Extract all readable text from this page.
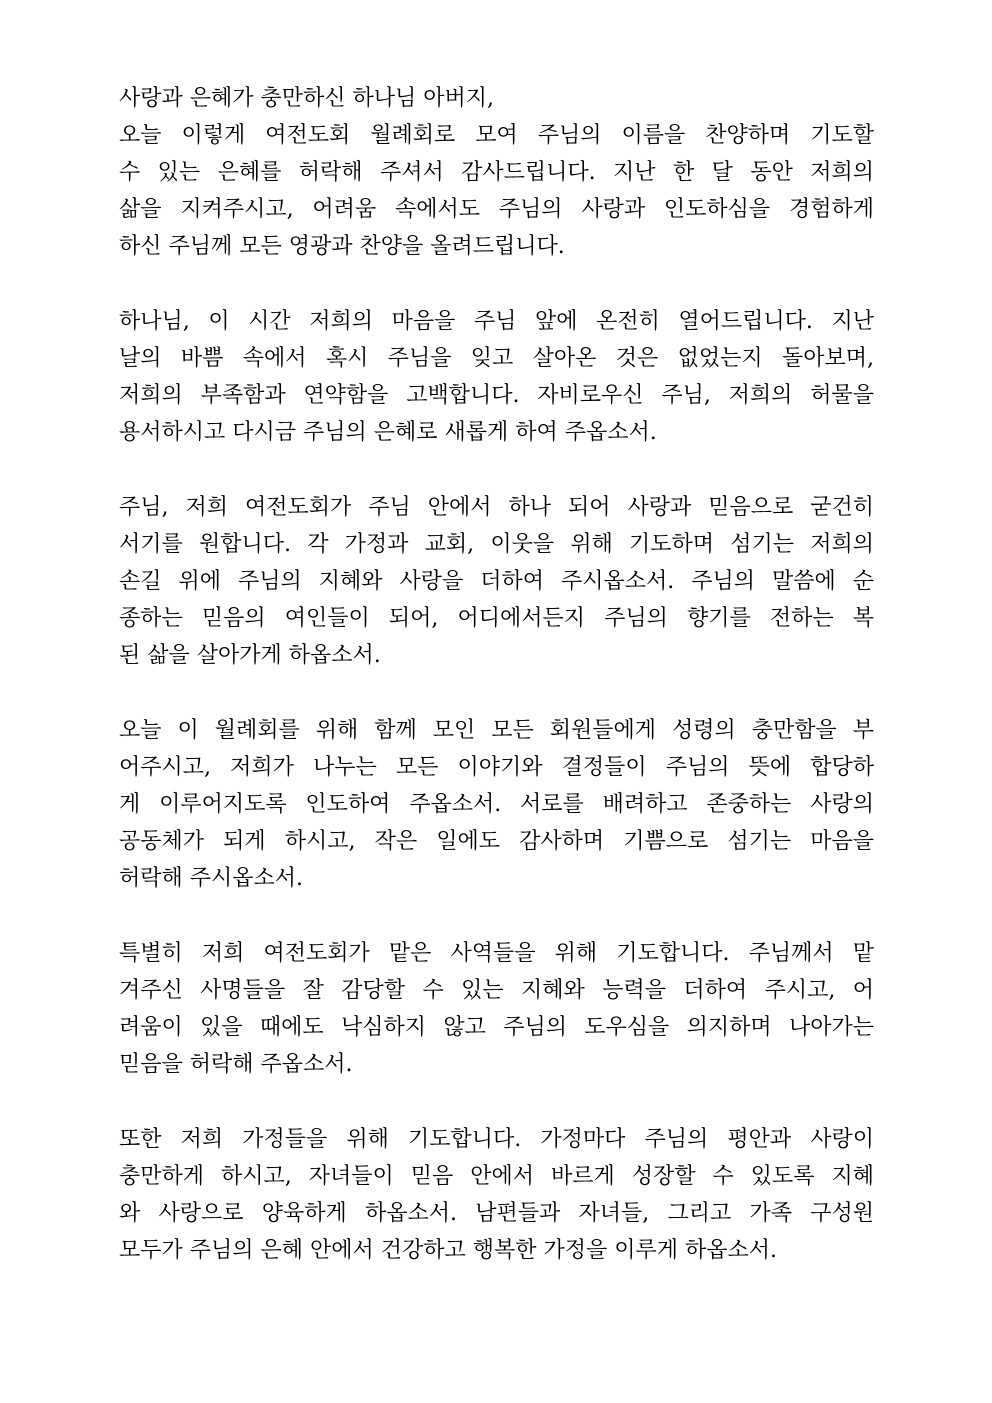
사랑과 은혜가 충만하신 하나님 아버지,
오늘 이렇게 여전도회 월례회로 모여 주님의 이름을 찬양하며 기도할
수 있는 은혜를 허락해 주셔서 감사드립니다. 지난 한 달 동안 저희의
삶을 지켜주시고, 어려움 속에서도 주님의 사랑과 인도하심을 경험하게
하신 주님께 모든 영광과 찬양을 올려드립니다.
하나님, 이 시간 저희의 마음을 주님 앞에 온전히 열어드립니다. 지난
날의 바쁨 속에서 혹시 주님을 잊고 살아온 것은 없었는지 돌아보며,
저희의 부족함과 연약함을 고백합니다. 자비로우신 주님, 저희의 허물을
용서하시고 다시금 주님의 은혜로 새롭게 하여 주옵소서.
주님, 저희 여전도회가 주님 안에서 하나 되어 사랑과 믿음으로 굳건히
서기를 원합니다. 각 가정과 교회, 이웃을 위해 기도하며 섬기는 저희의
손길 위에 주님의 지혜와 사랑을 더하여 주시옵소서. 주님의 말씀에 순
종하는 믿음의 여인들이 되어, 어디에서든지 주님의 향기를 전하는 복
된 삶을 살아가게 하옵소서.
오늘 이 월례회를 위해 함께 모인 모든 회원들에게 성령의 충만함을 부
어주시고, 저희가 나누는 모든 이야기와 결정들이 주님의 뜻에 합당하
게 이루어지도록 인도하여 주옵소서. 서로를 배려하고 존중하는 사랑의
공동체가 되게 하시고, 작은 일에도 감사하며 기쁨으로 섬기는 마음을
허락해 주시옵소서.
특별히 저희 여전도회가 맡은 사역들을 위해 기도합니다. 주님께서 맡
겨주신 사명들을 잘 감당할 수 있는 지혜와 능력을 더하여 주시고, 어
려움이 있을 때에도 낙심하지 않고 주님의 도우심을 의지하며 나아가는
믿음을 허락해 주옵소서.
또한 저희 가정들을 위해 기도합니다. 가정마다 주님의 평안과 사랑이
충만하게 하시고, 자녀들이 믿음 안에서 바르게 성장할 수 있도록 지혜
와 사랑으로 양육하게 하옵소서. 남편들과 자녀들, 그리고 가족 구성원
모두가 주님의 은혜 안에서 건강하고 행복한 가정을 이루게 하옵소서.
